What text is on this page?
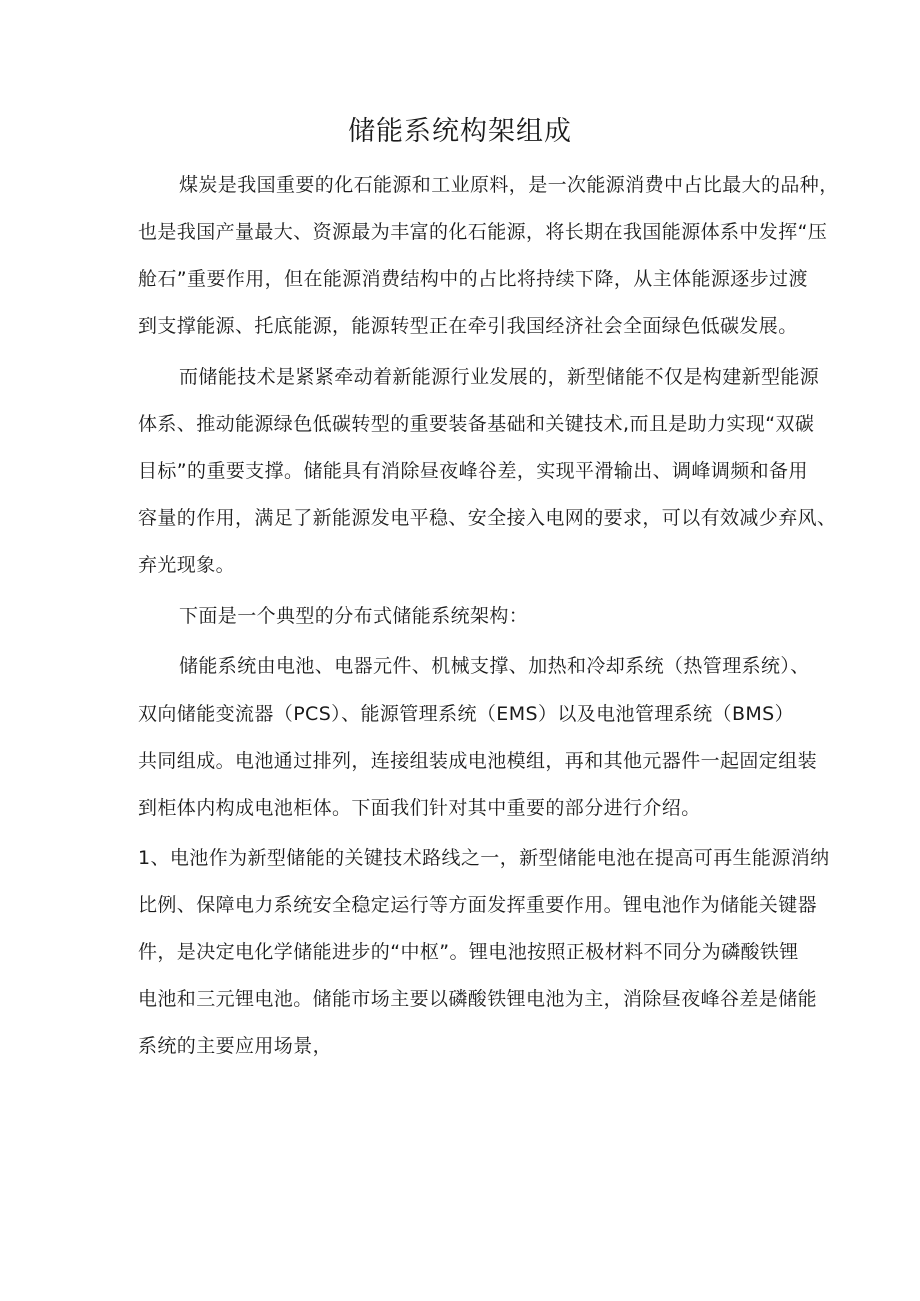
储能系统构架组成
煤炭是我国重要的化石能源和工业原料，是一次能源消费中占比最大的品种，
也是我国产量最大、资源最为丰富的化石能源，将长期在我国能源体系中发挥“压
舱石”重要作用，但在能源消费结构中的占比将持续下降，从主体能源逐步过渡
到支撑能源、托底能源，能源转型正在牵引我国经济社会全面绿色低碳发展。
而储能技术是紧紧牵动着新能源行业发展的，新型储能不仅是构建新型能源
体系、推动能源绿色低碳转型的重要装备基础和关键技术,而且是助力实现“双碳
目标”的重要支撑。储能具有消除昼夜峰谷差，实现平滑输出、调峰调频和备用
容量的作用，满足了新能源发电平稳、安全接入电网的要求，可以有效减少弃风、
弃光现象。
下面是一个典型的分布式储能系统架构：
储能系统由电池、电器元件、机械支撑、加热和冷却系统（热管理系统）、
双向储能变流器（PCS）、能源管理系统（EMS）以及电池管理系统（BMS）
共同组成。电池通过排列，连接组装成电池模组，再和其他元器件一起固定组装
到柜体内构成电池柜体。下面我们针对其中重要的部分进行介绍。
1、电池作为新型储能的关键技术路线之一，新型储能电池在提高可再生能源消纳
比例、保障电力系统安全稳定运行等方面发挥重要作用。锂电池作为储能关键器
件，是决定电化学储能进步的“中枢”。锂电池按照正极材料不同分为磷酸铁锂
电池和三元锂电池。储能市场主要以磷酸铁锂电池为主，消除昼夜峰谷差是储能
系统的主要应用场景，
